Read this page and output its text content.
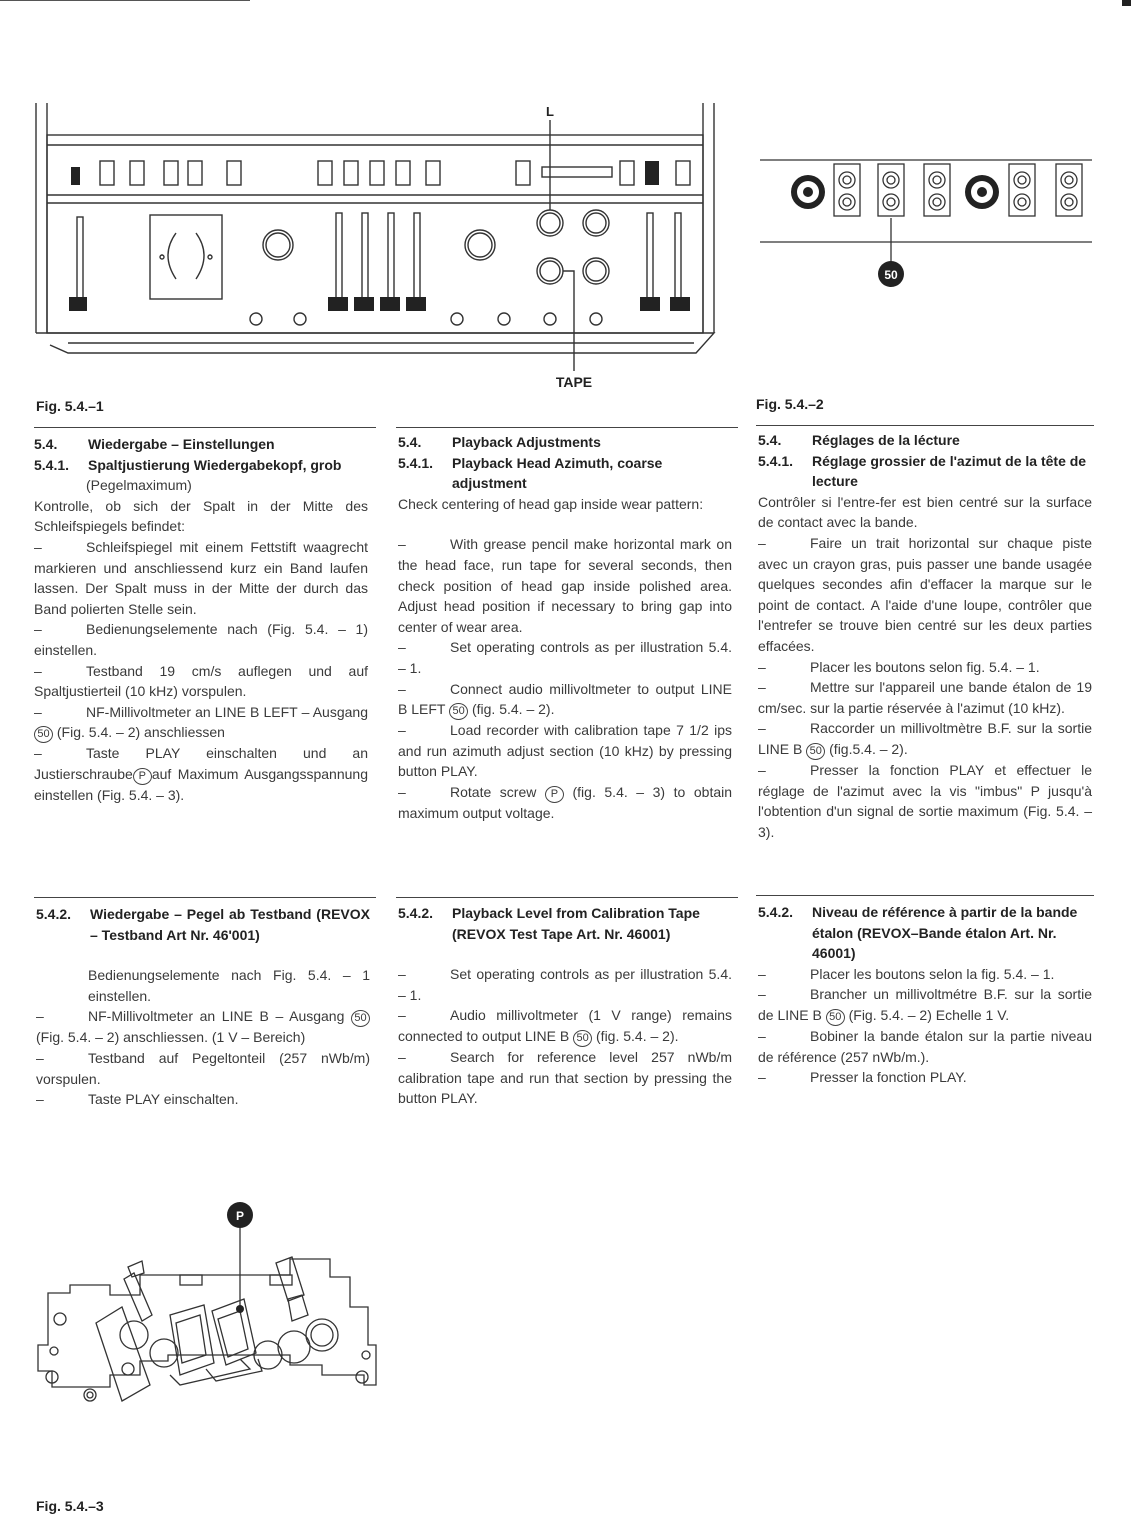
L
TAPE
50
Fig. 5.4.–1	Fig. 5.4.–2
5.4.	Wiedergabe – Einstellungen
5.4.1.	Spaltjustierung Wiedergabekopf, grob

(Pegelmaximum)

Kontrolle, ob sich der Spalt in der Mitte des Schleifspiegels befindet:

–	Schleifspiegel mit einem Fettstift waagrecht markieren und anschliessend kurz ein Band laufen lassen. Der Spalt muss in der Mitte der durch das Band polierten Stelle sein.

–	Bedienungselemente nach (Fig. 5.4. – 1) einstellen.

–	Testband 19 cm/s auflegen und auf Spaltjustierteil (10 kHz) vorspulen.

–	NF-Millivoltmeter an LINE B LEFT – Ausgang 50 (Fig. 5.4. – 2) anschliessen

–	Taste PLAY einschalten und an Justierschraube P auf Maximum Ausgangsspannung einstellen (Fig. 5.4. – 3).

5.4.	Playback Adjustments
5.4.1.	Playback Head Azimuth, coarse adjustment

Check centering of head gap inside wear pattern:

–	With grease pencil make horizontal mark on the head face, run tape for several seconds, then check position of head gap inside polished area. Adjust head position if necessary to bring gap into center of wear area.

–	Set operating controls as per illustration 5.4. – 1.

–	Connect audio millivoltmeter to output LINE B LEFT 50 (fig. 5.4. – 2).

–	Load recorder with calibration tape 7 1/2 ips and run azimuth adjust section (10 kHz) by pressing button PLAY.

–	Rotate screw P (fig. 5.4. – 3) to obtain maximum output voltage.

5.4.	Réglages de la lécture
5.4.1.	Réglage grossier de l'azimut de la tête de lecture

Contrôler si l'entre-fer est bien centré sur la surface de contact avec la bande.

–	Faire un trait horizontal sur chaque piste avec un crayon gras, puis passer une bande usagée quelques secondes afin d'effacer la marque sur le point de contact. A l'aide d'une loupe, contrôler que l'entrefer se trouve bien centré sur les deux parties effacées.

–	Placer les boutons selon fig. 5.4. – 1.

–	Mettre sur l'appareil une bande étalon de 19 cm/sec. sur la partie réservée à l'azimut (10 kHz).

–	Raccorder un millivoltmètre B.F. sur la sortie LINE B 50 (fig.5.4. – 2).

–	Presser la fonction PLAY et effectuer le réglage de l'azimut avec la vis "imbus" P jusqu'à l'obtention d'un signal de sortie maximum (Fig. 5.4. – 3).

5.4.2.	Wiedergabe – Pegel ab Testband (REVOX – Testband Art Nr. 46'001)

Bedienungselemente nach Fig. 5.4. – 1 einstellen.

–	NF-Millivoltmeter an LINE B – Ausgang 50 (Fig. 5.4. – 2) anschliessen. (1 V – Bereich)

–	Testband auf Pegeltonteil (257 nWb/m) vorspulen.

–	Taste PLAY einschalten.

5.4.2.	Playback Level from Calibration Tape (REVOX Test Tape Art. Nr. 46001)

–	Set operating controls as per illustration 5.4. – 1.

–	Audio millivoltmeter (1 V range) remains connected to output LINE B 50 (fig. 5.4. – 2).

–	Search for reference level 257 nWb/m calibration tape and run that section by pressing the button PLAY.

5.4.2.	Niveau de référence à partir de la bande étalon (REVOX–Bande étalon Art. Nr. 46001)

–	Placer les boutons selon la fig. 5.4. – 1.

–	Brancher un millivoltmétre B.F. sur la sortie de LINE B 50 (Fig. 5.4. – 2) Echelle 1 V.

–	Bobiner la bande étalon sur la partie niveau de référence (257 nWb/m.).

–	Presser la fonction PLAY.

P
Fig. 5.4.–3
